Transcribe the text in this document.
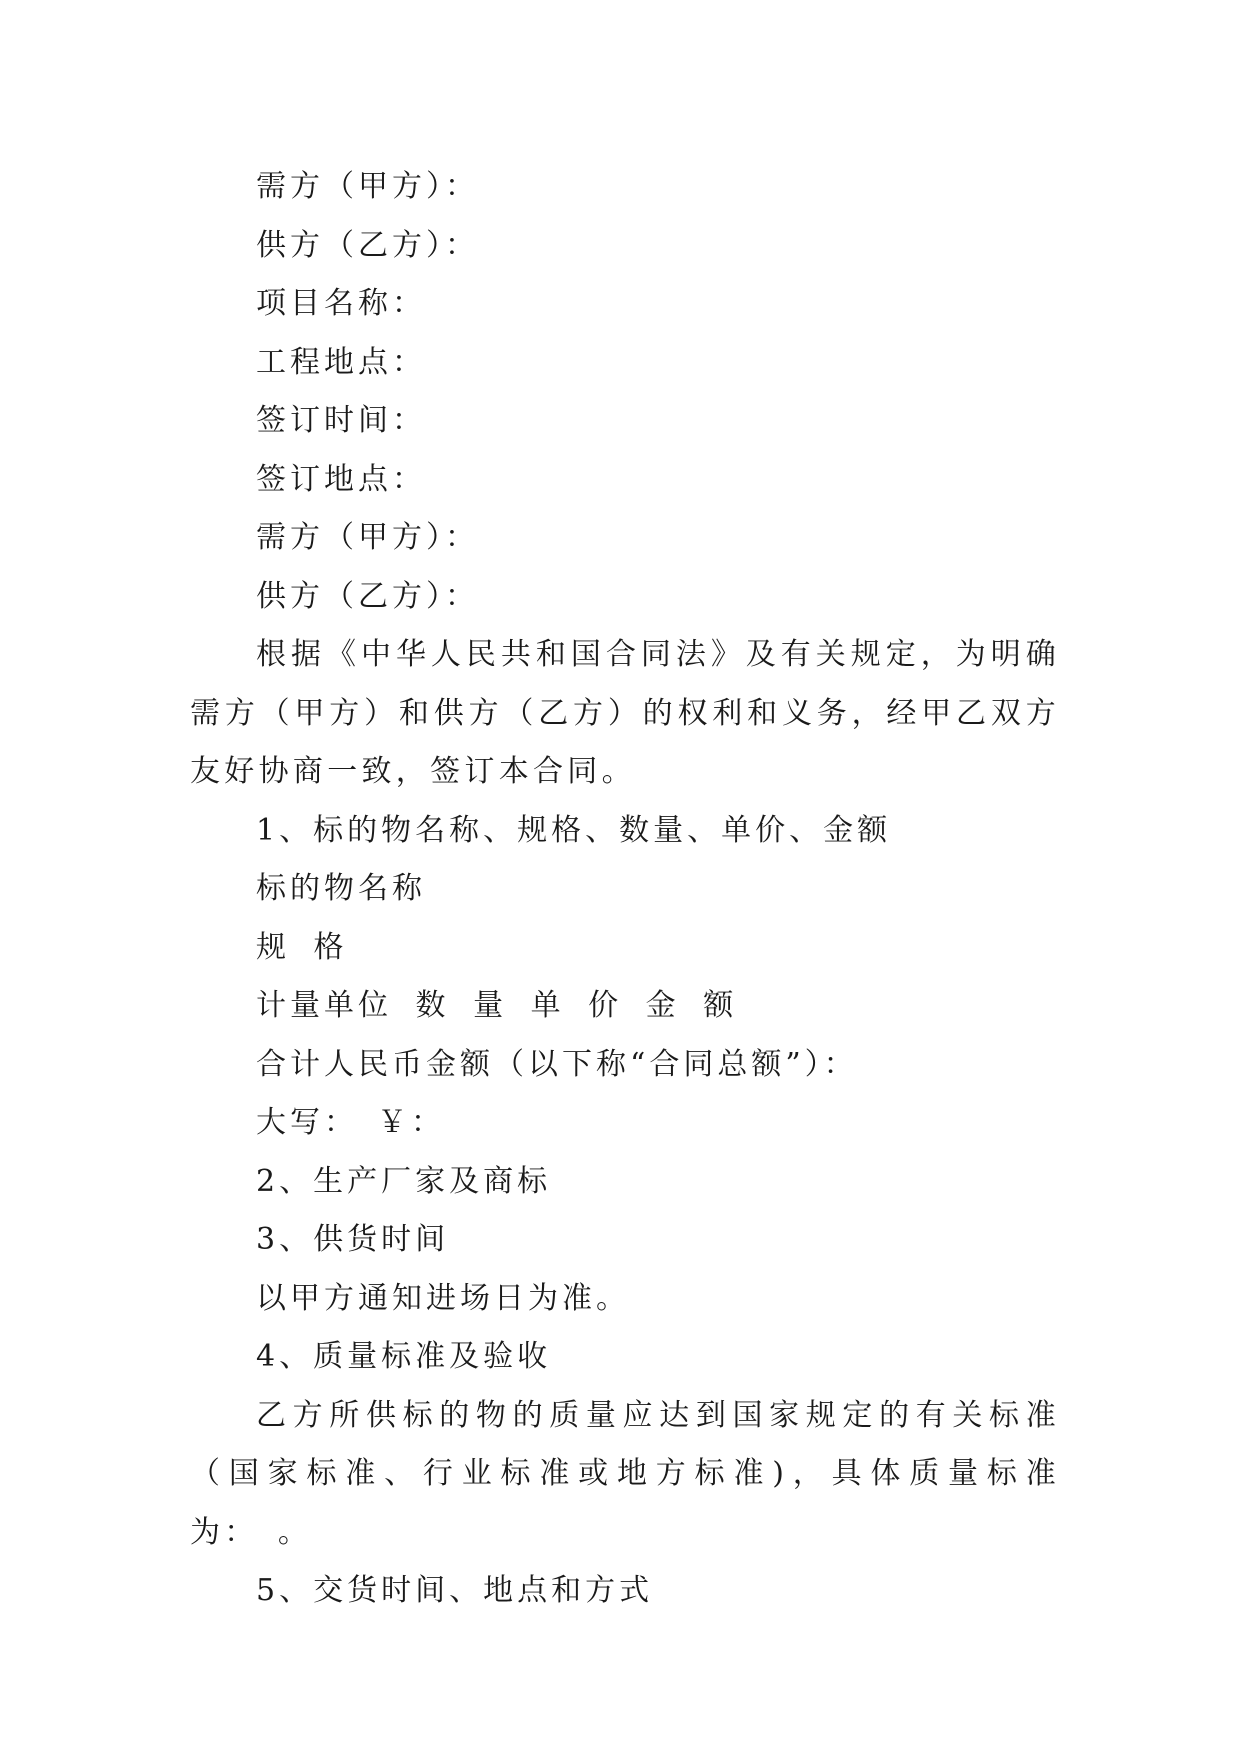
需方（甲方）：

供方（乙方）：

项目名称：

工程地点：

签订时间：

签订地点：

需方（甲方）：

供方（乙方）：

根据《中华人民共和国合同法》及有关规定，为明确需方（甲方）和供方（乙方）的权利和义务，经甲乙双方友好协商一致，签订本合同。

1、标的物名称、规格、数量、单价、金额

标的物名称

规 格

计量单位 数 量 单 价 金 额

合计人民币金额（以下称“合同总额”）：

大写：　￥：

2、生产厂家及商标

3、供货时间

以甲方通知进场日为准。

4、质量标准及验收

乙方所供标的物的质量应达到国家规定的有关标准（国家标准、行业标准或地方标准)，具体质量标准为：　。

5、交货时间、地点和方式
